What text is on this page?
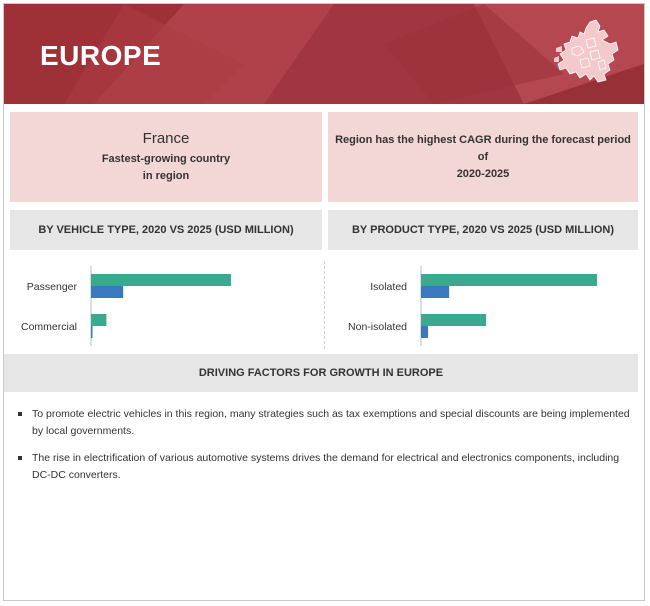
EUROPE
France
Fastest-growing country
in region
Region has the highest CAGR during the forecast period of
2020-2025
BY VEHICLE TYPE, 2020 VS 2025 (USD MILLION)	BY PRODUCT TYPE, 2020 VS 2025 (USD MILLION)
Passenger
Commercial
Isolated
Non-isolated
DRIVING FACTORS FOR GROWTH IN EUROPE
To promote electric vehicles in this region, many strategies such as tax exemptions and special discounts are being implemented by local governments.
The rise in electrification of various automotive systems drives the demand for electrical and electronics components, including DC-DC converters.
